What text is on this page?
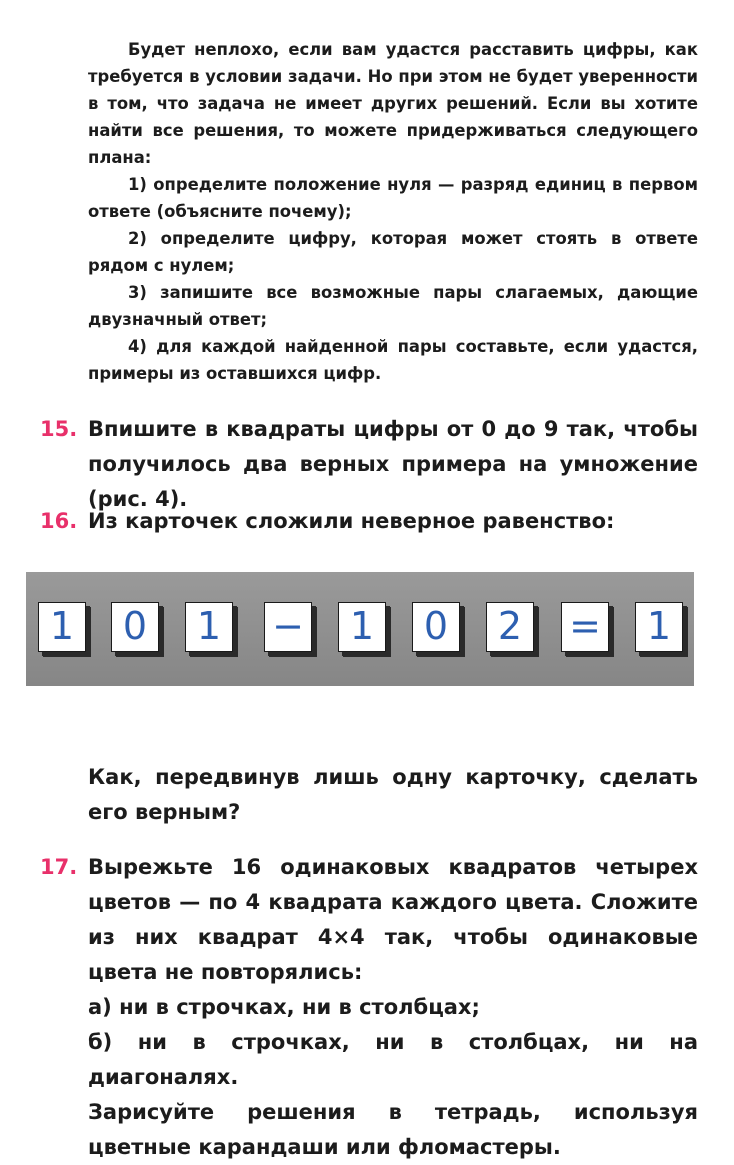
Будет неплохо, если вам удастся расставить цифры, как требуется в условии задачи. Но при этом не будет уверенности в том, что задача не имеет других решений. Если вы хотите найти все решения, то можете придерживаться следующего плана:

1) определите положение нуля — разряд единиц в первом ответе (объясните почему);

2) определите цифру, которая может стоять в ответе рядом с нулем;

3) запишите все возможные пары слагаемых, дающие двузначный ответ;

4) для каждой найденной пары составьте, если удастся, примеры из оставшихся цифр.

15. Впишите в квадраты цифры от 0 до 9 так, чтобы получилось два верных примера на умножение (рис. 4).

16. Из карточек сложили неверное равенство:

1 0 1 − 1 0 2 = 1

Как, передвинув лишь одну карточку, сделать его верным?

17. Вырежьте 16 одинаковых квадратов четырех цветов — по 4 квадрата каждого цвета. Сложите из них квадрат 4×4 так, чтобы одинаковые цвета не повторялись:

а) ни в строчках, ни в столбцах;

б) ни в строчках, ни в столбцах, ни на диагоналях.

Зарисуйте решения в тетрадь, используя цветные карандаши или фломастеры.
